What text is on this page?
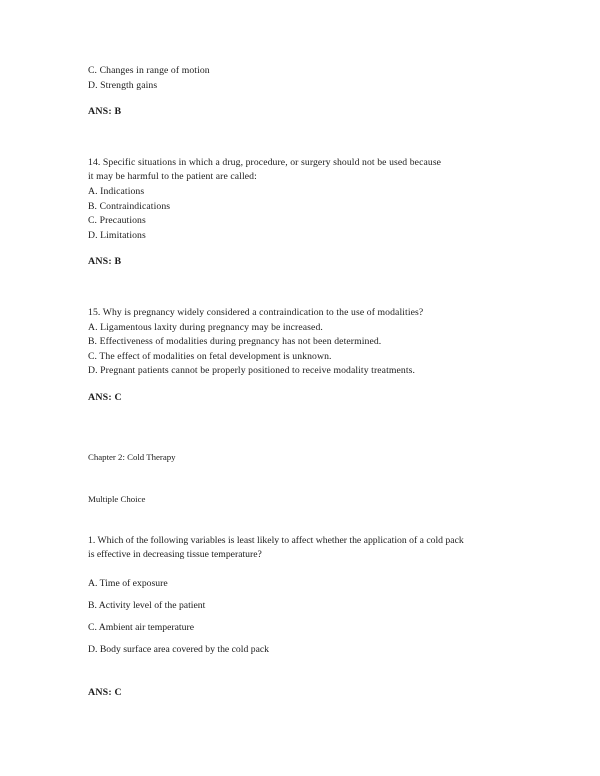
C. Changes in range of motion
D. Strength gains
ANS: B
14. Specific situations in which a drug, procedure, or surgery should not be used because
it may be harmful to the patient are called:
A. Indications
B. Contraindications
C. Precautions
D. Limitations
ANS: B
15. Why is pregnancy widely considered a contraindication to the use of modalities?
A. Ligamentous laxity during pregnancy may be increased.
B. Effectiveness of modalities during pregnancy has not been determined.
C. The effect of modalities on fetal development is unknown.
D. Pregnant patients cannot be properly positioned to receive modality treatments.
ANS: C
Chapter 2: Cold Therapy
Multiple Choice
1. Which of the following variables is least likely to affect whether the application of a cold pack
is effective in decreasing tissue temperature?
A. Time of exposure
B. Activity level of the patient
C. Ambient air temperature
D. Body surface area covered by the cold pack
ANS: C
